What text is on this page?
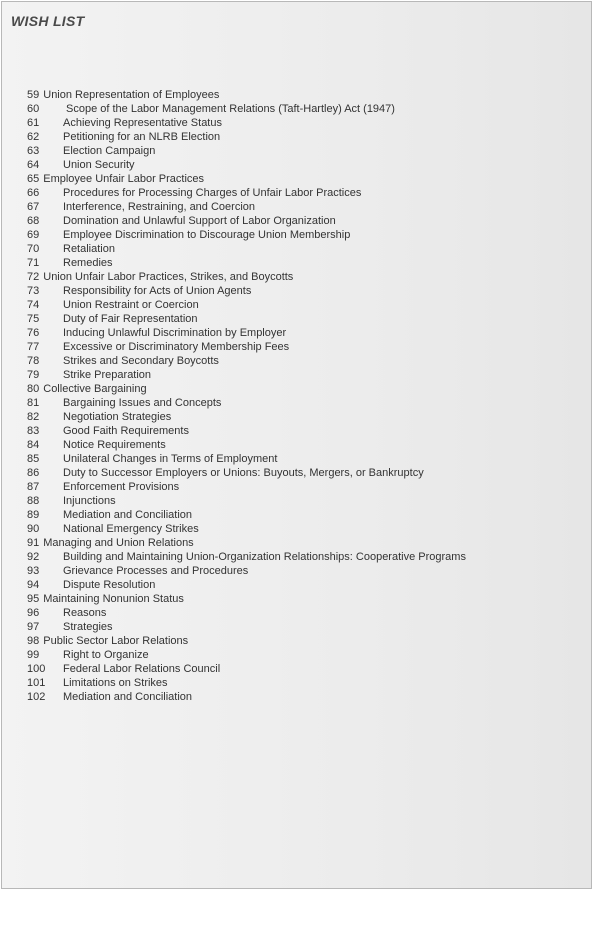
WISH LIST
59 Union Representation of Employees
60 Scope of the Labor Management Relations (Taft-Hartley) Act (1947)
61 Achieving Representative Status
62 Petitioning for an NLRB Election
63 Election Campaign
64 Union Security
65 Employee Unfair Labor Practices
66 Procedures for Processing Charges of Unfair Labor Practices
67 Interference, Restraining, and Coercion
68 Domination and Unlawful Support of Labor Organization
69 Employee Discrimination to Discourage Union Membership
70 Retaliation
71 Remedies
72 Union Unfair Labor Practices, Strikes, and Boycotts
73 Responsibility for Acts of Union Agents
74 Union Restraint or Coercion
75 Duty of Fair Representation
76 Inducing Unlawful Discrimination by Employer
77 Excessive or Discriminatory Membership Fees
78 Strikes and Secondary Boycotts
79 Strike Preparation
80 Collective Bargaining
81 Bargaining Issues and Concepts
82 Negotiation Strategies
83 Good Faith Requirements
84 Notice Requirements
85 Unilateral Changes in Terms of Employment
86 Duty to Successor Employers or Unions: Buyouts, Mergers, or Bankruptcy
87 Enforcement Provisions
88 Injunctions
89 Mediation and Conciliation
90 National Emergency Strikes
91 Managing and Union Relations
92 Building and Maintaining Union-Organization Relationships: Cooperative Programs
93 Grievance Processes and Procedures
94 Dispute Resolution
95 Maintaining Nonunion Status
96 Reasons
97 Strategies
98 Public Sector Labor Relations
99 Right to Organize
100 Federal Labor Relations Council
101 Limitations on Strikes
102 Mediation and Conciliation
